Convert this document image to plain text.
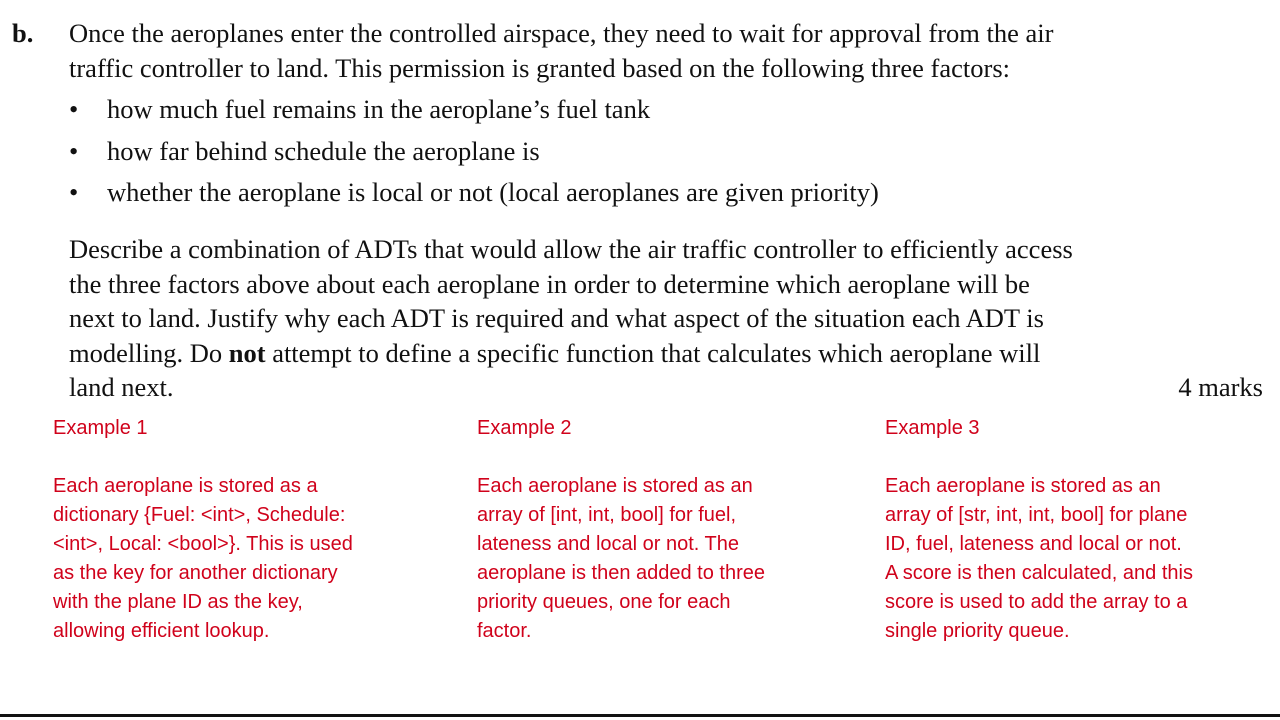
b. Once the aeroplanes enter the controlled airspace, they need to wait for approval from the air
traffic controller to land. This permission is granted based on the following three factors:
• how much fuel remains in the aeroplane’s fuel tank
• how far behind schedule the aeroplane is
• whether the aeroplane is local or not (local aeroplanes are given priority)
Describe a combination of ADTs that would allow the air traffic controller to efficiently access
the three factors above about each aeroplane in order to determine which aeroplane will be
next to land. Justify why each ADT is required and what aspect of the situation each ADT is
modelling. Do not attempt to define a specific function that calculates which aeroplane will
land next.	4 marks
Example 1
Each aeroplane is stored as a
dictionary {Fuel: <int>, Schedule:
<int>, Local: <bool>}. This is used
as the key for another dictionary
with the plane ID as the key,
allowing efficient lookup.
Example 2
Each aeroplane is stored as an
array of [int, int, bool] for fuel,
lateness and local or not. The
aeroplane is then added to three
priority queues, one for each
factor.
Example 3
Each aeroplane is stored as an
array of [str, int, int, bool] for plane
ID, fuel, lateness and local or not.
A score is then calculated, and this
score is used to add the array to a
single priority queue.
